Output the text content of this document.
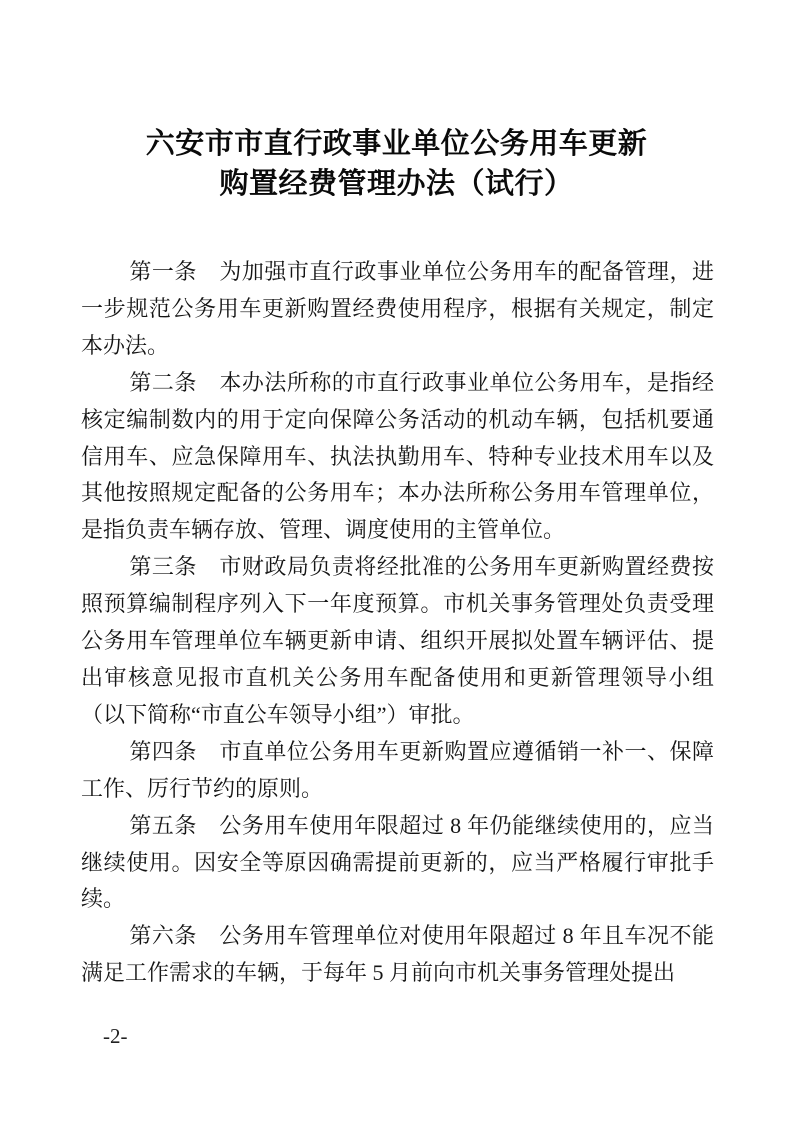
六安市市直行政事业单位公务用车更新
购置经费管理办法（试行）

第一条　为加强市直行政事业单位公务用车的配备管理，进一步规范公务用车更新购置经费使用程序，根据有关规定，制定本办法。

第二条　本办法所称的市直行政事业单位公务用车，是指经核定编制数内的用于定向保障公务活动的机动车辆，包括机要通信用车、应急保障用车、执法执勤用车、特种专业技术用车以及其他按照规定配备的公务用车；本办法所称公务用车管理单位，是指负责车辆存放、管理、调度使用的主管单位。

第三条　市财政局负责将经批准的公务用车更新购置经费按照预算编制程序列入下一年度预算。市机关事务管理处负责受理公务用车管理单位车辆更新申请、组织开展拟处置车辆评估、提出审核意见报市直机关公务用车配备使用和更新管理领导小组（以下简称“市直公车领导小组”）审批。

第四条　市直单位公务用车更新购置应遵循销一补一、保障工作、厉行节约的原则。

第五条　公务用车使用年限超过 8 年仍能继续使用的，应当继续使用。因安全等原因确需提前更新的，应当严格履行审批手续。

第六条　公务用车管理单位对使用年限超过 8 年且车况不能满足工作需求的车辆，于每年 5 月前向市机关事务管理处提出

-2-
